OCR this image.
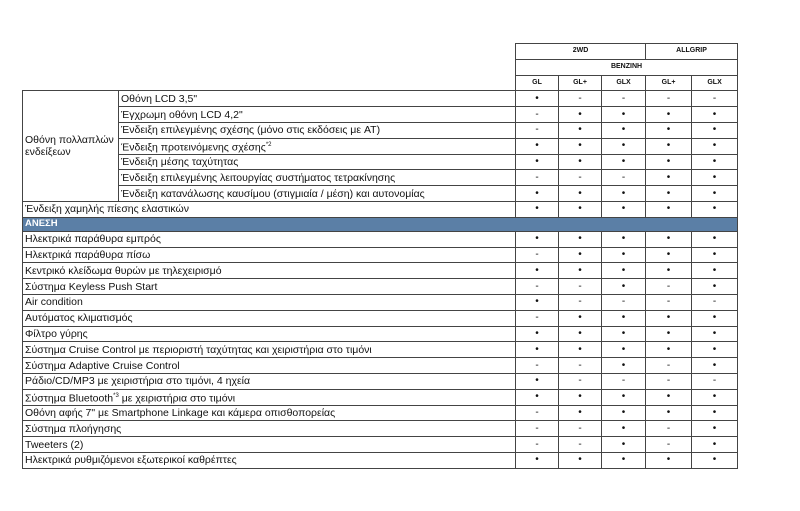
		2WD			ALLGRIP	
		BENZINH				
		GL	GL+	GLX	GL+	GLX
Οθόνη πολλαπλών ενδείξεων	Οθόνη LCD 3,5"	•	-	-	-	-
	Έγχρωμη οθόνη LCD 4,2"	-	•	•	•	•
	Ένδειξη επιλεγμένης σχέσης (μόνο στις εκδόσεις με AT)	-	•	•	•	•
	Ένδειξη προτεινόμενης σχέσης$^{*2}$	•	•	•	•	•
	Ένδειξη μέσης ταχύτητας	•	•	•	•	•
	Ένδειξη επιλεγμένης λειτουργίας συστήματος τετρακίνησης	-	-	-	•	•
	Ένδειξη κατανάλωσης καυσίμου (στιγμιαία / μέση) και αυτονομίας	•	•	•	•	•
Ένδειξη χαμηλής πίεσης ελαστικών		•	•	•	•	•
ΑΝΕΣΗ						
Ηλεκτρικά παράθυρα εμπρός		•	•	•	•	•
Ηλεκτρικά παράθυρα πίσω		-	•	•	•	•
Κεντρικό κλείδωμα θυρών με τηλεχειρισμό		•	•	•	•	•
Σύστημα Keyless Push Start		-	-	•	-	•
Air condition		•	-	-	-	-
Αυτόματος κλιματισμός		-	•	•	•	•
Φίλτρο γύρης		•	•	•	•	•
Σύστημα Cruise Control με περιοριστή ταχύτητας και χειριστήρια στο τιμόνι		•	•	•	•	•
Σύστημα Adaptive Cruise Control		-	-	•	-	•
Ράδιο/CD/MP3 με χειριστήρια στο τιμόνι, 4 ηχεία		•	-	-	-	-
Σύστημα Bluetooth$^{*3}$ με χειριστήρια στο τιμόνι		•	•	•	•	•
Οθόνη αφής 7" με Smartphone Linkage και κάμερα οπισθοπορείας		-	•	•	•	•
Σύστημα πλοήγησης		-	-	•	-	•
Tweeters (2)		-	-	•	-	•
Ηλεκτρικά ρυθμιζόμενοι εξωτερικοί καθρέπτες		•	•	•	•	•
